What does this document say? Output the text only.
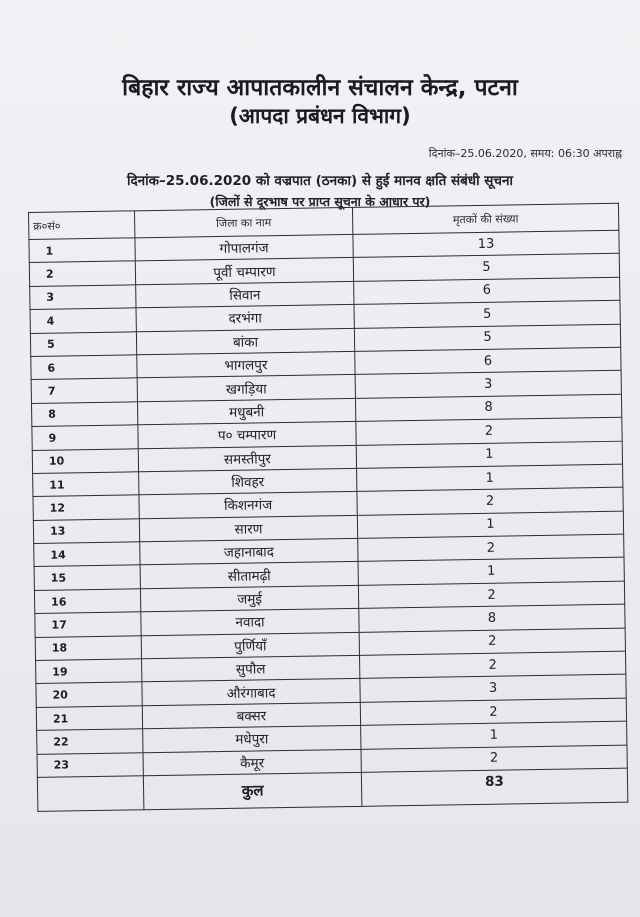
बिहार राज्य आपातकालीन संचालन केन्द्र, पटना
(आपदा प्रबंधन विभाग)
दिनांक–25.06.2020, समय: 06:30 अपराह्न
दिनांक–25.06.2020 को वज्रपात (ठनका) से हुई मानव क्षति संबंधी सूचना
(जिलों से दूरभाष पर प्राप्त सूचना के आधार पर)
क्र०सं०	जिला का नाम	मृतकों की संख्या
1	गोपालगंज	13
2	पूर्वी चम्पारण	5
3	सिवान	6
4	दरभंगा	5
5	बांका	5
6	भागलपुर	6
7	खगड़िया	3
8	मधुबनी	8
9	प० चम्पारण	2
10	समस्तीपुर	1
11	शिवहर	1
12	किशनगंज	2
13	सारण	1
14	जहानाबाद	2
15	सीतामढ़ी	1
16	जमुई	2
17	नवादा	8
18	पुर्णियाँ	2
19	सुपौल	2
20	औरंगाबाद	3
21	बक्सर	2
22	मधेपुरा	1
23	कैमूर	2
	कुल	83
